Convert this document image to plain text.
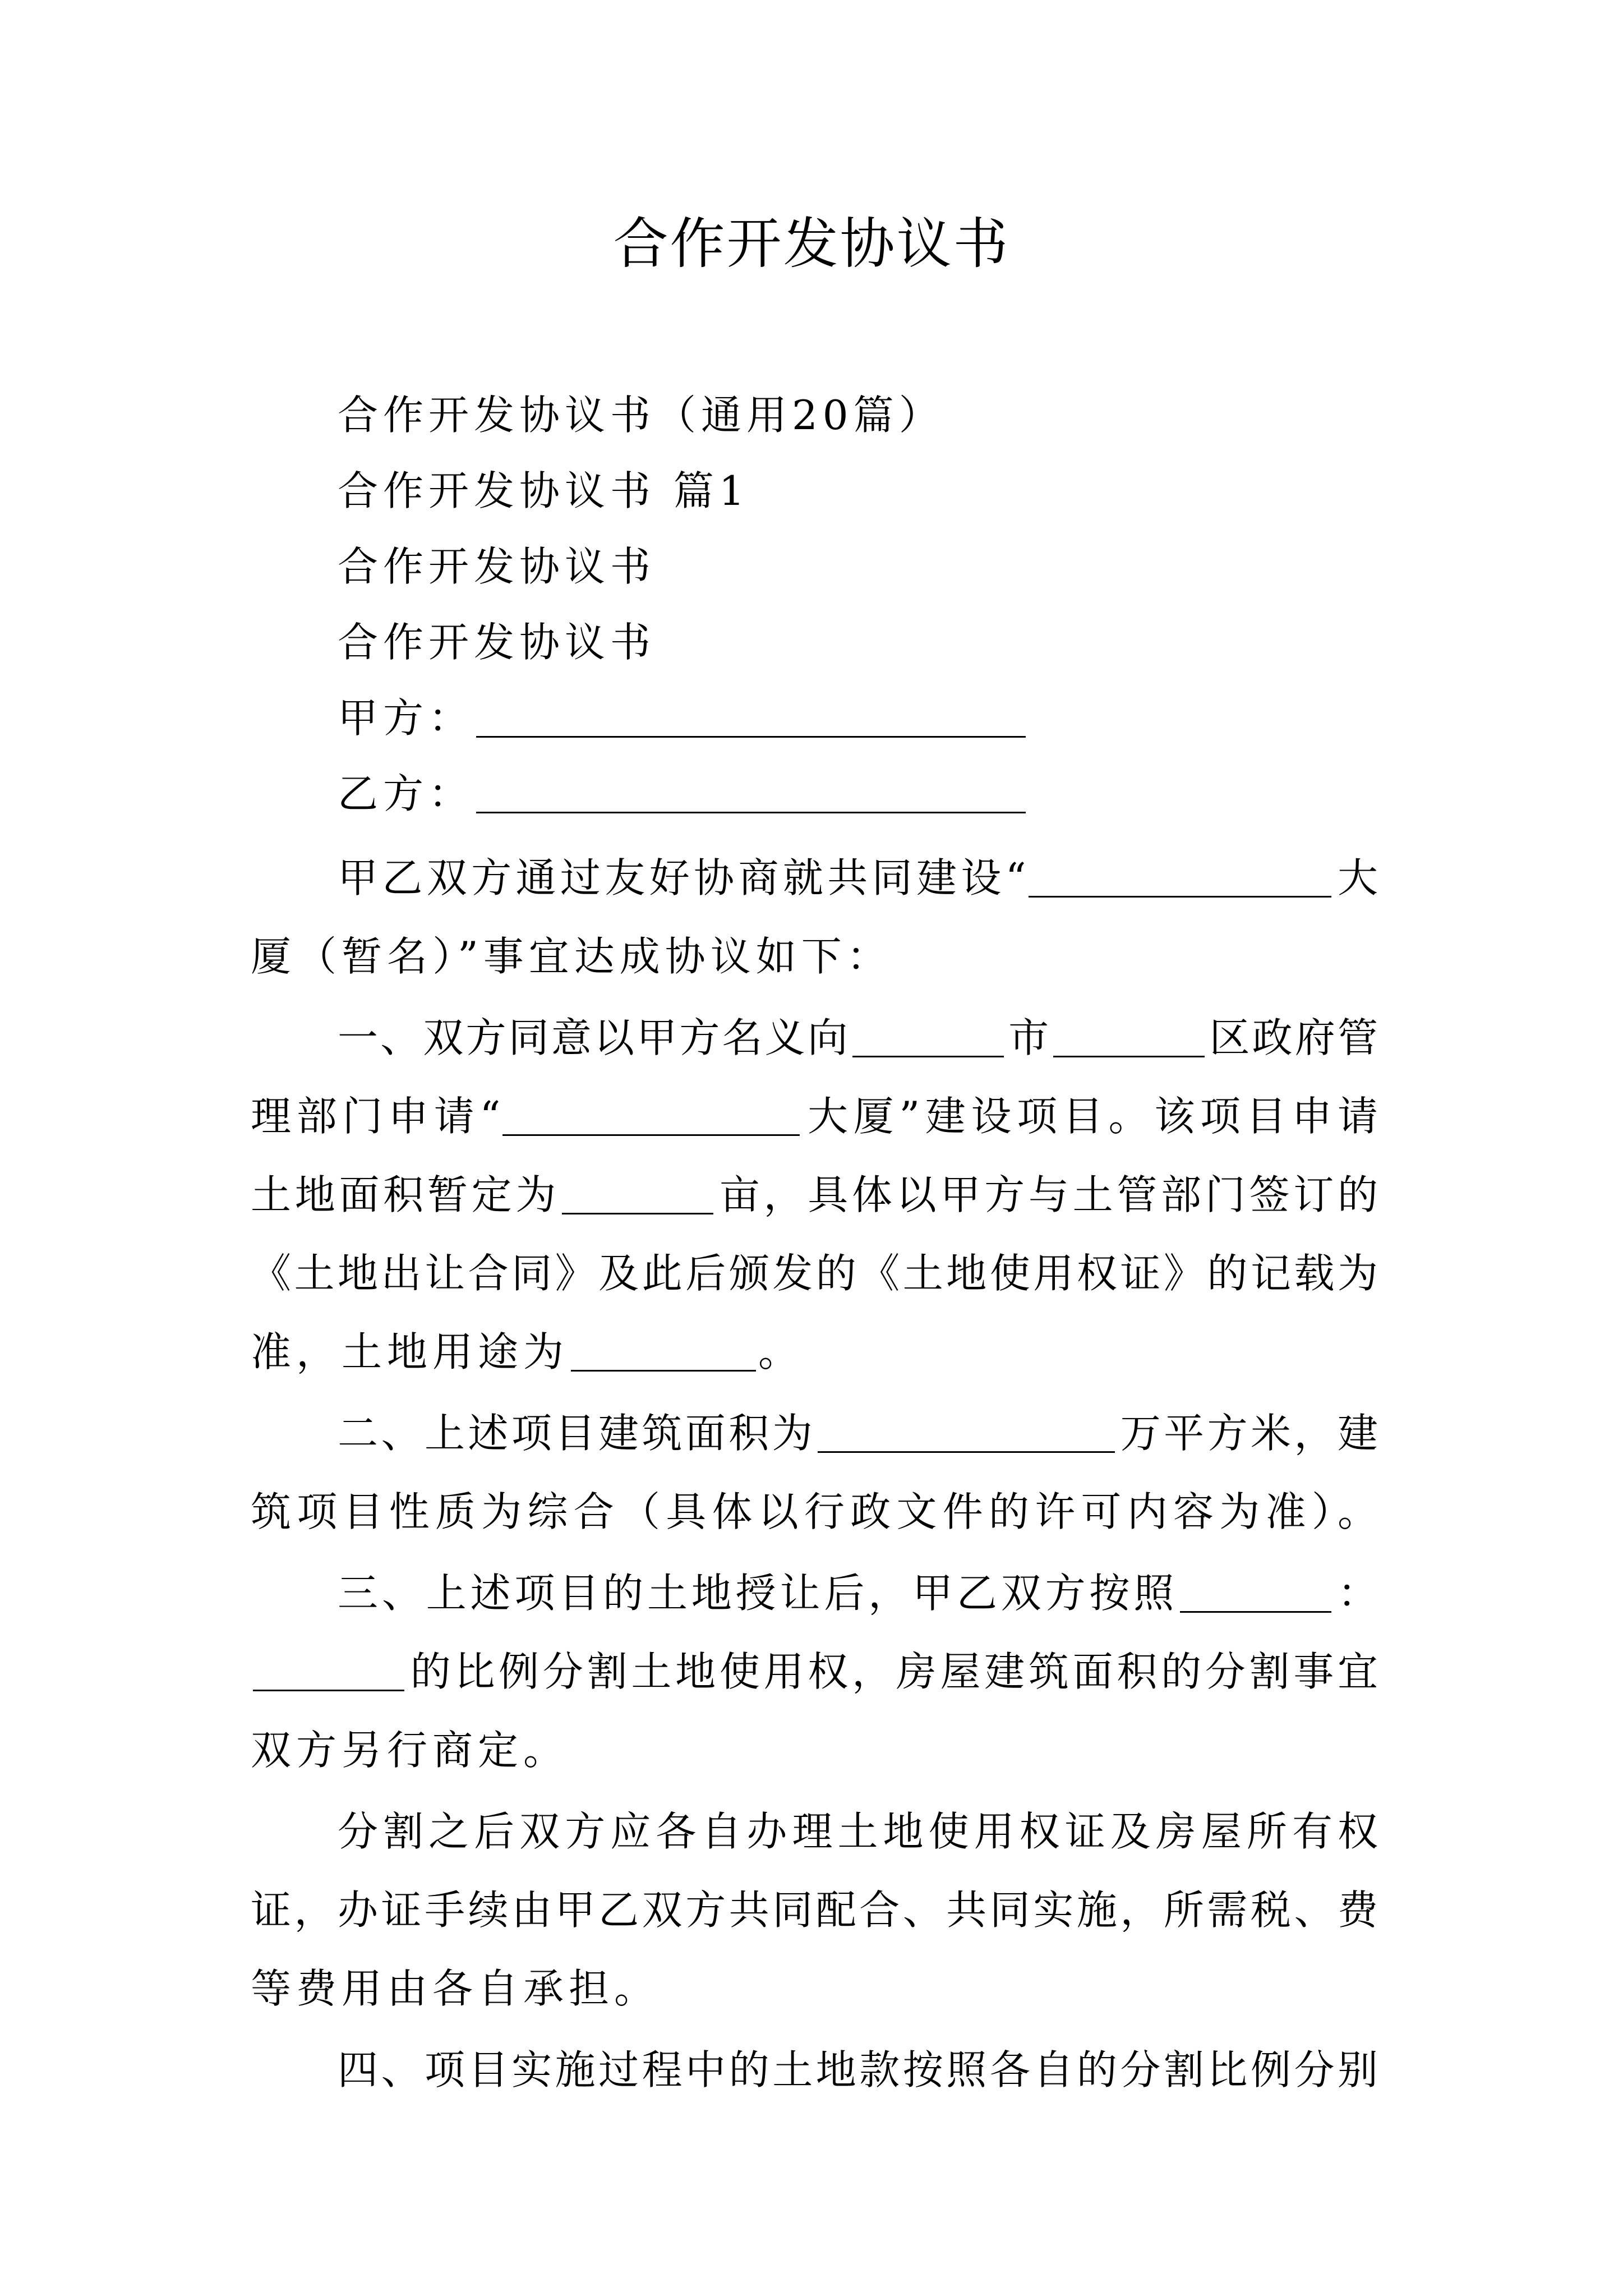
合作开发协议书
合作开发协议书（通用20篇）
合作开发协议书 篇1
合作开发协议书
合作开发协议书
甲方：
乙方：
甲乙双方通过友好协商就共同建设“	大
厦（暂名）”事宜达成协议如下：
一、双方同意以甲方名义向	市	区政府管
理部门申请“	大厦”建设项目。该项目申请
土地面积暂定为	亩，具体以甲方与土管部门签订的
《土地出让合同》及此后颁发的《土地使用权证》的记载为
准，土地用途为	。
二、上述项目建筑面积为	万平方米，建
筑项目性质为综合（具体以行政文件的许可内容为准）。
三、上述项目的土地授让后，甲乙双方按照	：
的比例分割土地使用权，房屋建筑面积的分割事宜
双方另行商定。
分割之后双方应各自办理土地使用权证及房屋所有权
证，办证手续由甲乙双方共同配合、共同实施，所需税、费
等费用由各自承担。
四、项目实施过程中的土地款按照各自的分割比例分别
